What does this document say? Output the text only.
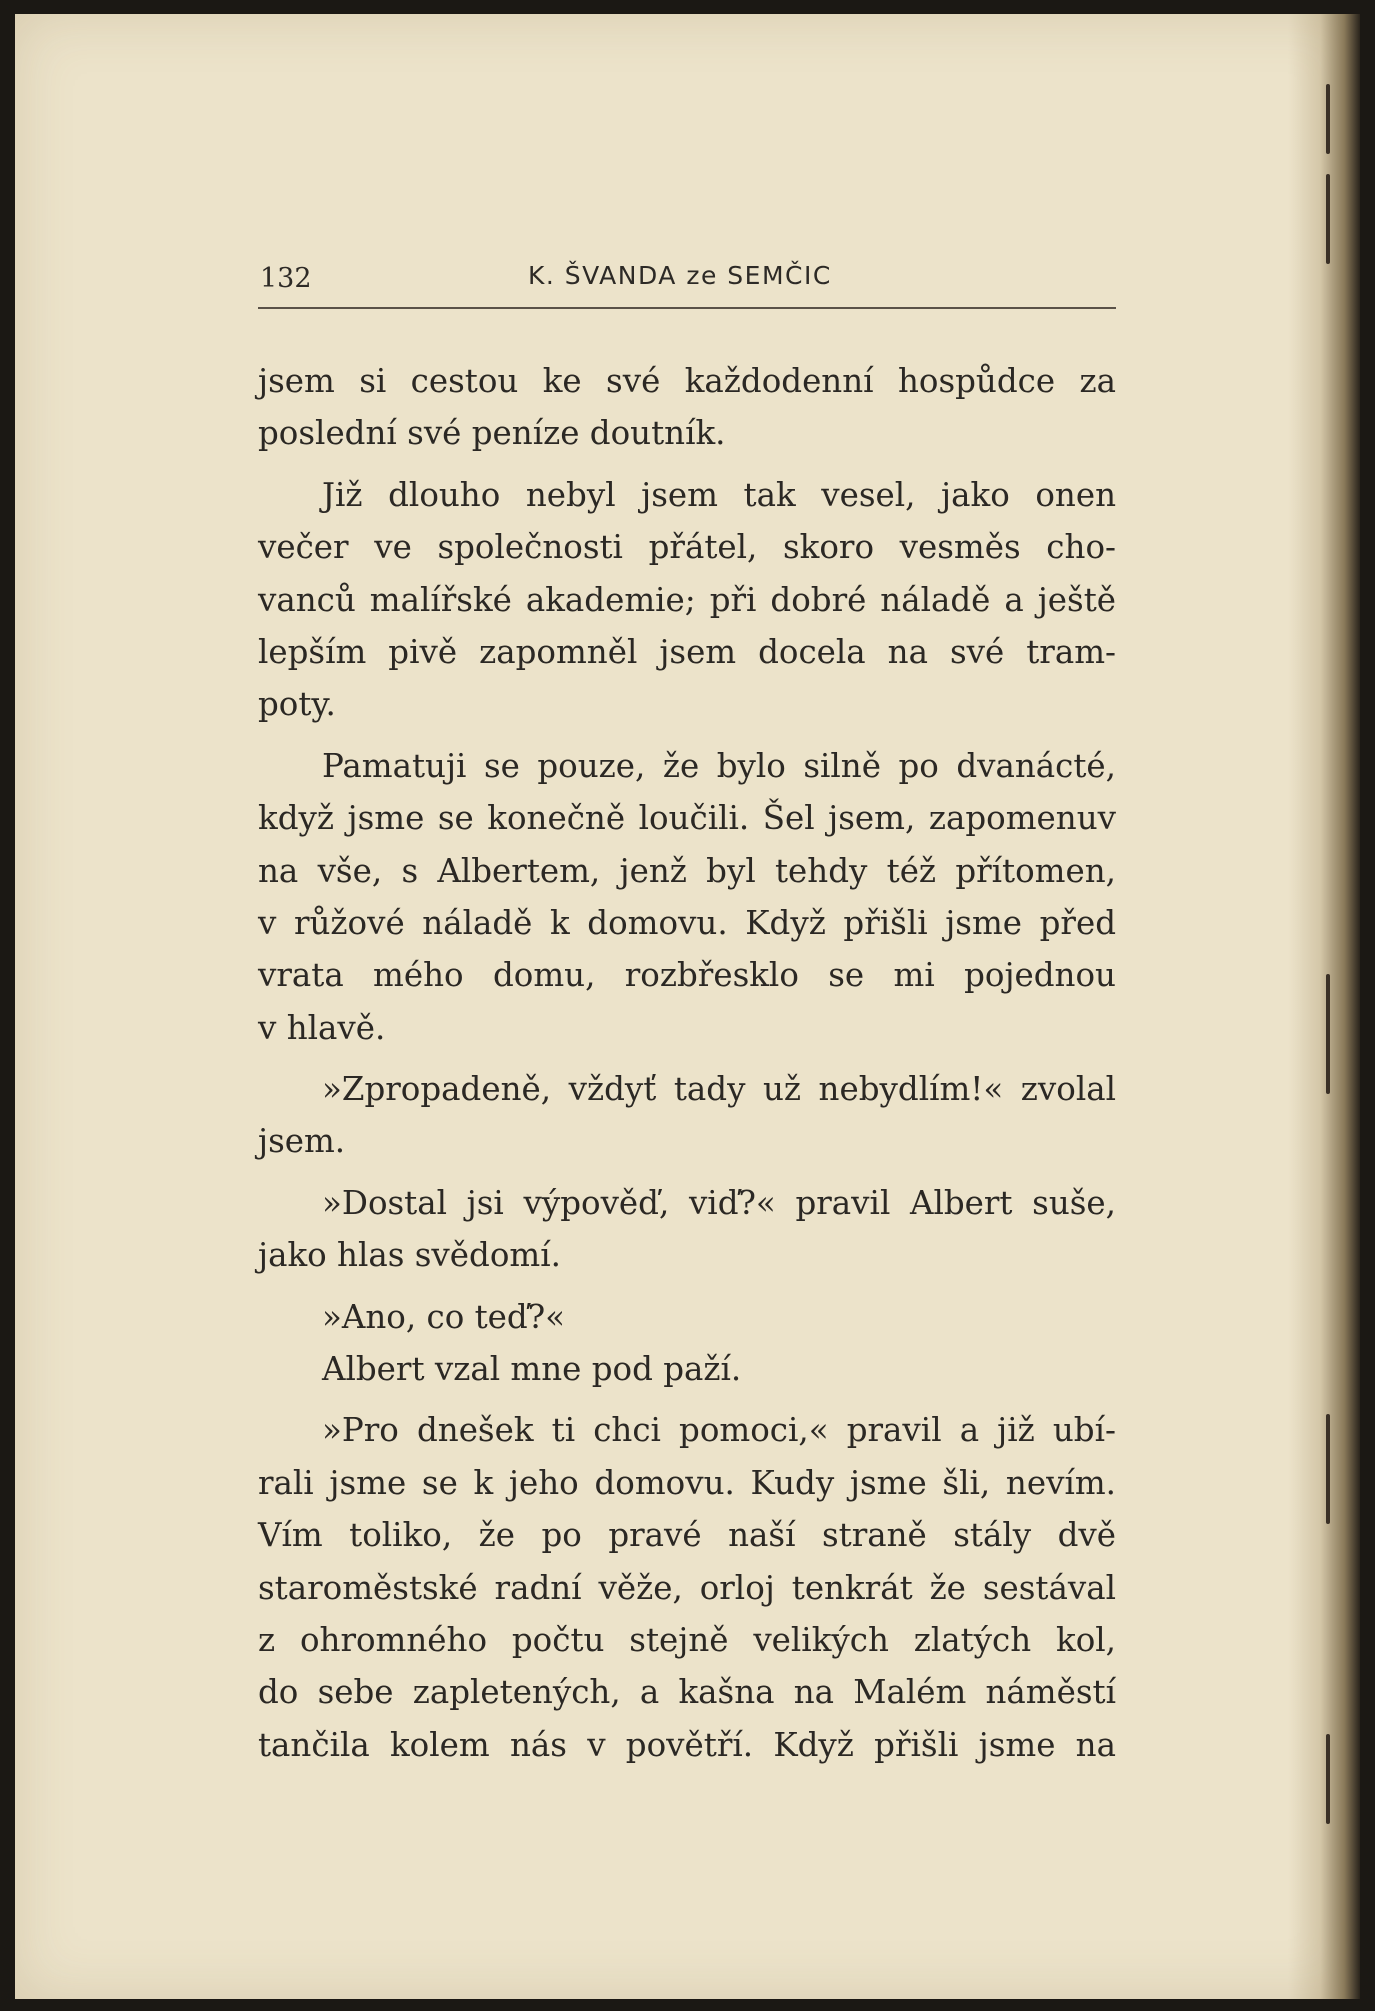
132	K. ŠVANDA ze SEMČIC
jsem si cestou ke své každodenní hospůdce za
poslední své peníze doutník.
Již dlouho nebyl jsem tak vesel, jako onen
večer ve společnosti přátel, skoro vesměs cho-
vanců malířské akademie; při dobré náladě a ještě
lepším pivě zapomněl jsem docela na své tram-
poty.
Pamatuji se pouze, že bylo silně po dvanácté,
když jsme se konečně loučili. Šel jsem, zapomenuv
na vše, s Albertem, jenž byl tehdy též přítomen,
v růžové náladě k domovu. Když přišli jsme před
vrata mého domu, rozbřesklo se mi pojednou
v hlavě.
»Zpropadeně, vždyť tady už nebydlím!« zvolal
jsem.
»Dostal jsi výpověď, viď?« pravil Albert suše,
jako hlas svědomí.
»Ano, co teď?«
Albert vzal mne pod paží.
»Pro dnešek ti chci pomoci,« pravil a již ubí-
rali jsme se k jeho domovu. Kudy jsme šli, nevím.
Vím toliko, že po pravé naší straně stály dvě
staroměstské radní věže, orloj tenkrát že sestával
z ohromného počtu stejně velikých zlatých kol,
do sebe zapletených, a kašna na Malém náměstí
tančila kolem nás v povětří. Když přišli jsme na
